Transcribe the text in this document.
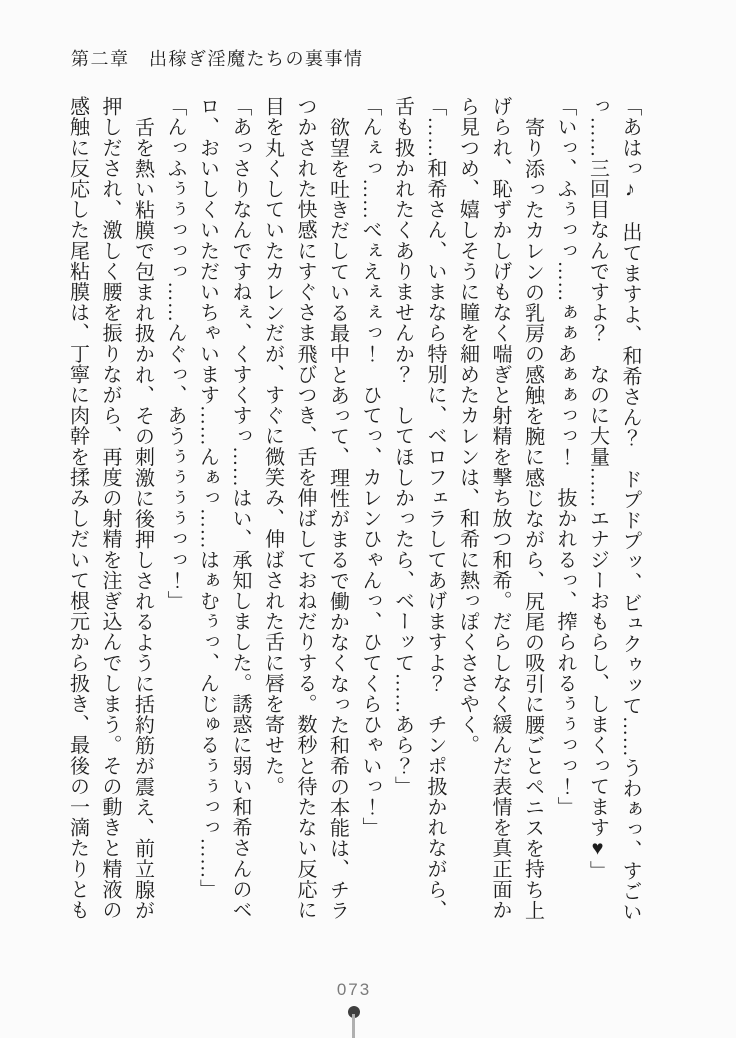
第二章　出稼ぎ淫魔たちの裏事情
「あはっ♪　出てますよ、和希さん？　ドプドプッ、ビュクゥッて……うわぁっ、すごい
っ……三回目なんですよ？　なのに大量……エナジーおもらし、しまくってます♥」
「いっ、ふぅっっ……ぁぁあぁぁっっ！　抜かれるっ、搾られるぅぅっっ！」
寄り添ったカレンの乳房の感触を腕に感じながら、尻尾の吸引に腰ごとペニスを持ち上
げられ、恥ずかしげもなく喘ぎと射精を撃ち放つ和希。だらしなく緩んだ表情を真正面か
ら見つめ、嬉しそうに瞳を細めたカレンは、和希に熱っぽくささやく。
「……和希さん、いまなら特別に、ベロフェラしてあげますよ？　チンポ扱かれながら、
舌も扱かれたくありませんか？　してほしかったら、ベーッて……あら？」
「んぇっ……べぇえぇぇっ！　ひてっ、カレンひゃんっ、ひてくらひゃいっ！」
欲望を吐きだしている最中とあって、理性がまるで働かなくなった和希の本能は、チラ
つかされた快感にすぐさま飛びつき、舌を伸ばしておねだりする。数秒と待たない反応に
目を丸くしていたカレンだが、すぐに微笑み、伸ばされた舌に唇を寄せた。
「あっさりなんですねぇ、くすくすっ……はい、承知しました。誘惑に弱い和希さんのベ
ロ、おいしくいただいちゃいます……んぁっ……はぁむぅっ、んじゅるぅぅっっ……」
「んっふぅぅっっっ……んぐっ、あうぅぅぅぅっっ！」
舌を熱い粘膜で包まれ扱かれ、その刺激に後押しされるように括約筋が震え、前立腺が
押しだされ、激しく腰を振りながら、再度の射精を注ぎ込んでしまう。その動きと精液の
感触に反応した尾粘膜は、丁寧に肉幹を揉みしだいて根元から扱き、最後の一滴たりとも
073
